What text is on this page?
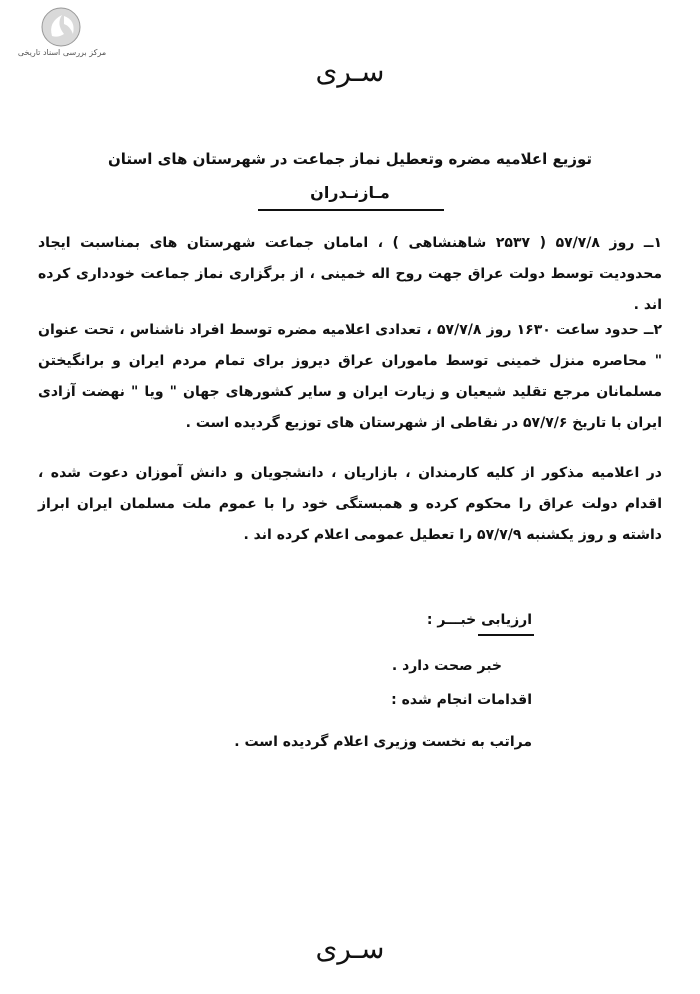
مرکز بررسی اسناد تاریخی
سـری
توزیع اعلامیه مضره وتعطیل نماز جماعت در شهرستان های استان
مـازنـدران
۱ــ روز ۵۷/۷/۸ ( ۲۵۳۷ شاهنشاهی ) ، امامان جماعت شهرستان های بمناسبت ایجاد محدودیت توسط دولت عراق جهت روح اله خمینی ، از برگزاری نماز جماعت خودداری کرده اند .
۲ــ حدود ساعت ۱۶۳۰ روز ۵۷/۷/۸ ، تعدادی اعلامیه مضره توسط افراد ناشناس ، تحت عنوان " محاصره منزل خمینی توسط ماموران عراق دیروز برای تمام مردم ایران و برانگیختن مسلمانان مرجع تقلید شیعیان و زیارت ایران و سایر کشورهای جهان " ویا " نهضت آزادی ایران با تاریخ ۵۷/۷/۶ در نقاطی از شهرستان های توزیع گردیده است .
در اعلامیه مذکور از کلیه کارمندان ، بازاریان ، دانشجویان و دانش آموزان دعوت شده ، اقدام دولت عراق را محکوم کرده و همبستگی خود را با عموم ملت مسلمان ایران ابراز داشته و روز یکشنبه ۵۷/۷/۹ را تعطیل عمومی اعلام کرده اند .
ارزیابی خبـــر :
خبر صحت دارد .
اقدامات انجام شده :
مراتب به نخست وزیری اعلام گردیده است .
سـری
